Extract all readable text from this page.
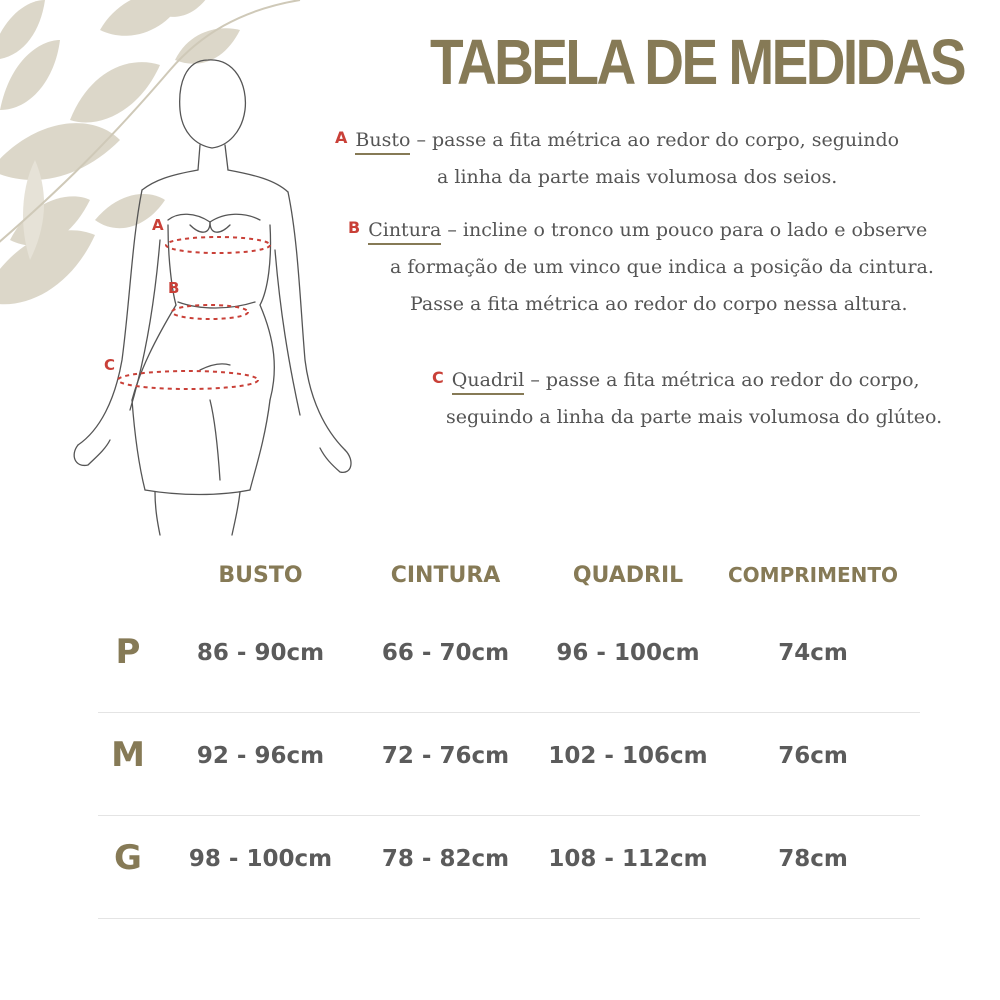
A
B
C
TABELA DE MEDIDAS
A Busto – passe a fita métrica ao redor do corpo, seguindo
a linha da parte mais volumosa dos seios.
B Cintura – incline o tronco um pouco para o lado e observe
a formação de um vinco que indica a posição da cintura.
Passe a fita métrica ao redor do corpo nessa altura.
C Quadril – passe a fita métrica ao redor do corpo,
seguindo a linha da parte mais volumosa do glúteo.
BUSTO	CINTURA	QUADRIL	COMPRIMENTO
P	86 - 90cm	66 - 70cm	96 - 100cm	74cm
M	92 - 96cm	72 - 76cm	102 - 106cm	76cm
G	98 - 100cm	78 - 82cm	108 - 112cm	78cm
